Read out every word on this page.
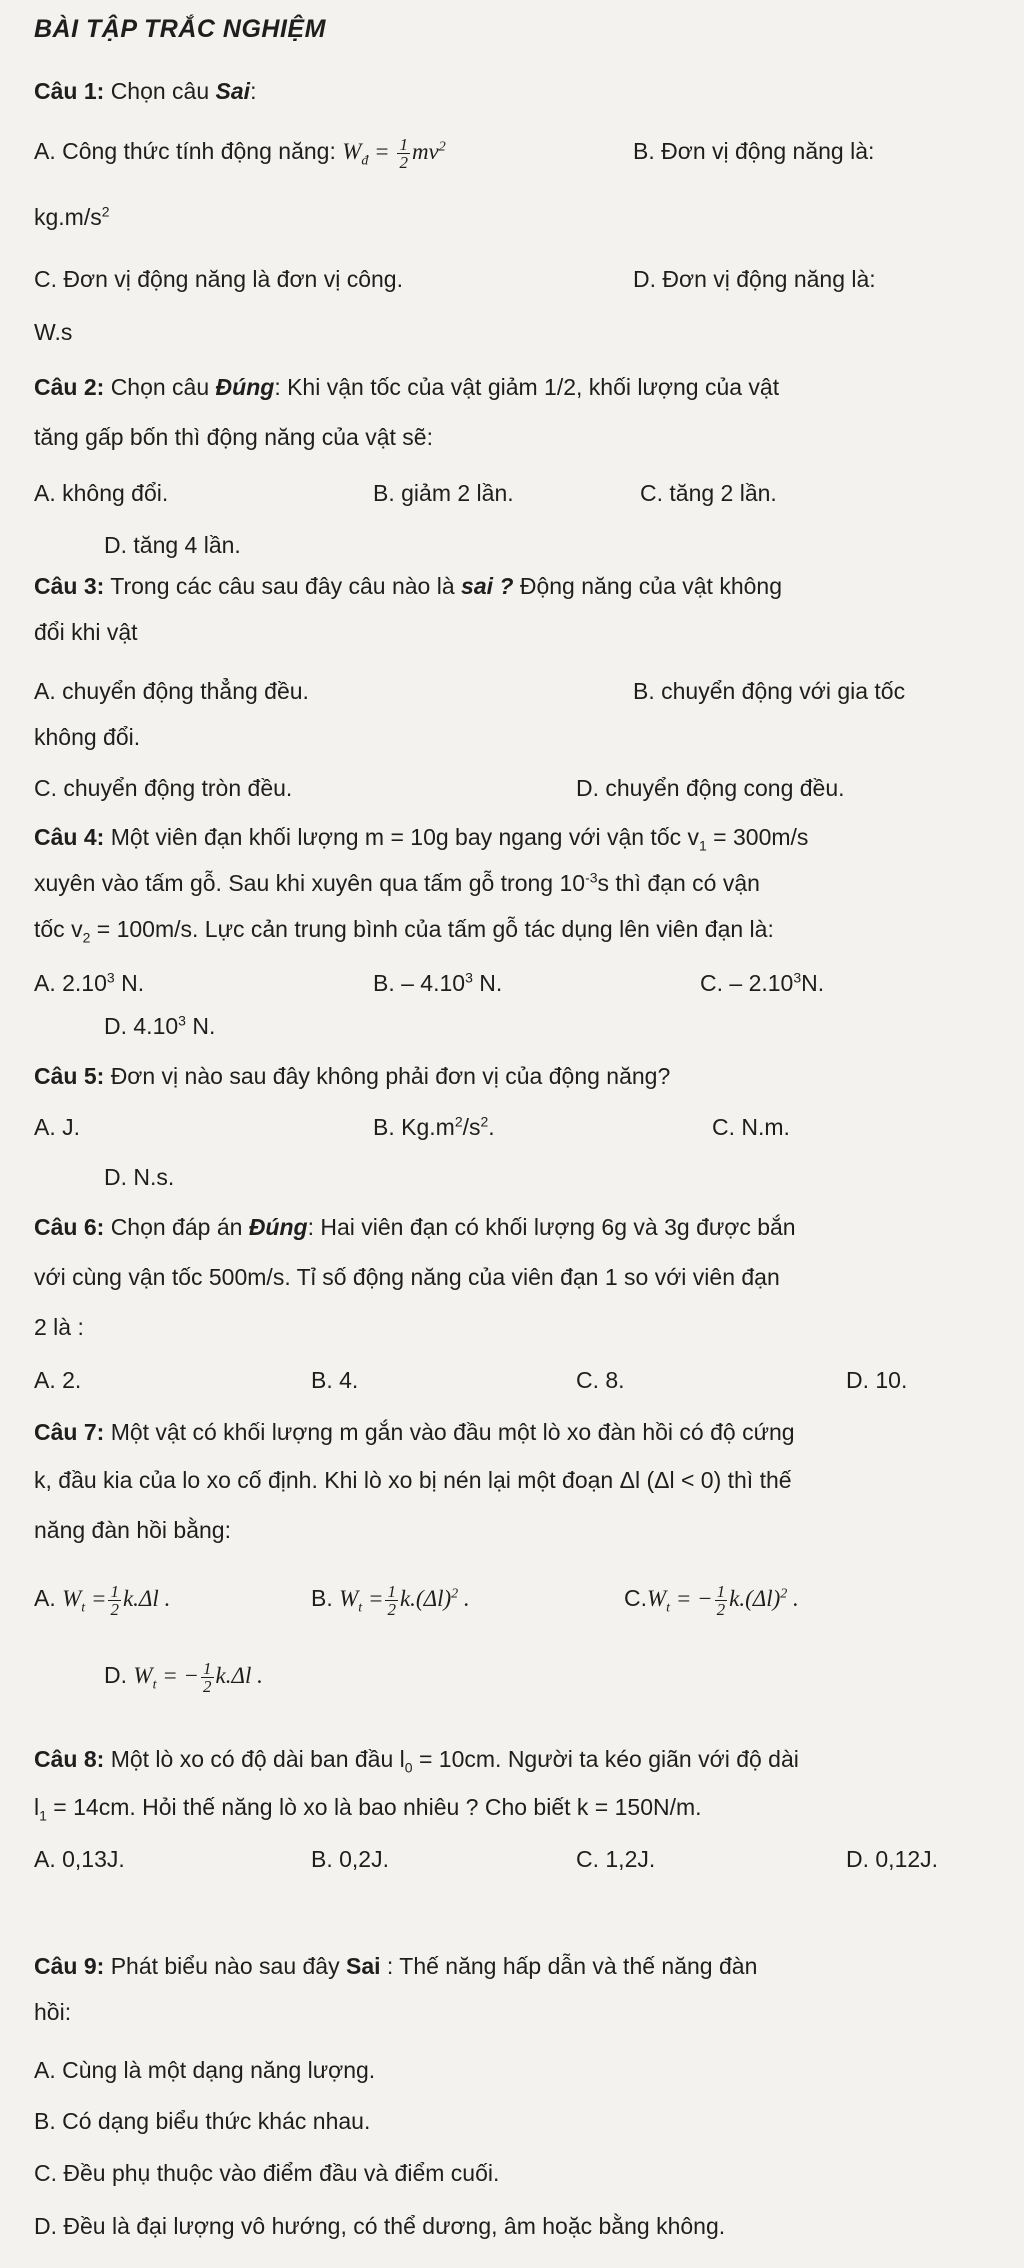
BÀI TẬP TRẮC NGHIỆM
Câu 1: Chọn câu Sai:
A. Công thức tính động năng: $W_đ = \frac{1}{2} mv^2$	B. Đơn vị động năng là:
$kg.m/s^2$
C. Đơn vị động năng là đơn vị công.	D. Đơn vị động năng là:
W.s
Câu 2: Chọn câu Đúng: Khi vận tốc của vật giảm 1/2, khối lượng của vật
tăng gấp bốn thì động năng của vật sẽ:
A. không đổi.	B. giảm 2 lần.	C. tăng 2 lần.
D. tăng 4 lần.
Câu 3: Trong các câu sau đây câu nào là sai ? Động năng của vật không
đổi khi vật
A. chuyển động thẳng đều.	B. chuyển động với gia tốc
không đổi.
C. chuyển động tròn đều.	D. chuyển động cong đều.
Câu 4: Một viên đạn khối lượng m = 10g bay ngang với vận tốc $v_1 = 300m/s$
xuyên vào tấm gỗ. Sau khi xuyên qua tấm gỗ trong $10^{-3}s$ thì đạn có vận
tốc $v_2 = 100m/s$. Lực cản trung bình của tấm gỗ tác dụng lên viên đạn là:
A. 2.10$^3$ N.	B. – 4.10$^3$ N.	C. – 2.10$^3$N.
D. 4.10$^3$ N.
Câu 5: Đơn vị nào sau đây không phải đơn vị của động năng?
A. J.	B. $Kg.m^2/s^2$.	C. N.m.
D. N.s.
Câu 6: Chọn đáp án Đúng: Hai viên đạn có khối lượng 6g và 3g được bắn
với cùng vận tốc 500m/s. Tỉ số động năng của viên đạn 1 so với viên đạn
2 là :
A. 2.	B. 4.	C. 8.	D. 10.
Câu 7: Một vật có khối lượng m gắn vào đầu một lò xo đàn hồi có độ cứng
k, đầu kia của lo xo cố định. Khi lò xo bị nén lại một đoạn Δl (Δl < 0) thì thế
năng đàn hồi bằng:
A. $W_t = \frac{1}{2} k.\Delta l$ .	B. $W_t = \frac{1}{2} k.(\Delta l)^2$ .	$C.W_t$ = − $\frac{1}{2} k.(\Delta l)^2$ .
D. $W_t$ = − $\frac{1}{2} k.\Delta l$ .
Câu 8: Một lò xo có độ dài ban đầu $l_0 = 10cm$. Người ta kéo giãn với độ dài
$l_1 = 14cm$. Hỏi thế năng lò xo là bao nhiêu ? Cho biết k = 150N/m.
A. 0,13J.	B. 0,2J.	C. 1,2J.	D. 0,12J.
Câu 9: Phát biểu nào sau đây Sai : Thế năng hấp dẫn và thế năng đàn
hồi:
A. Cùng là một dạng năng lượng.
B. Có dạng biểu thức khác nhau.
C. Đều phụ thuộc vào điểm đầu và điểm cuối.
D. Đều là đại lượng vô hướng, có thể dương, âm hoặc bằng không.
